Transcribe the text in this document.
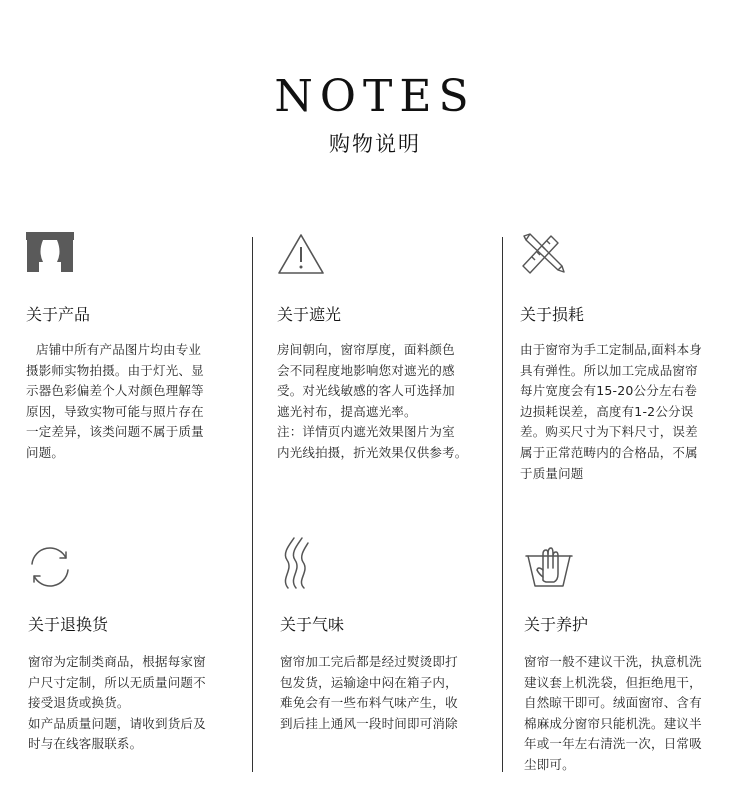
NOTES
购物说明
关于产品
店铺中所有产品图片均由专业
摄影师实物拍摄。由于灯光、显
示器色彩偏差个人对颜色理解等
原因，导致实物可能与照片存在
一定差异，该类问题不属于质量
问题。
关于遮光
房间朝向，窗帘厚度，面料颜色
会不同程度地影响您对遮光的感
受。对光线敏感的客人可选择加
遮光衬布，提高遮光率。
注：详情页内遮光效果图片为室
内光线拍摄，折光效果仅供参考。
关于损耗
由于窗帘为手工定制品,面料本身
具有弹性。所以加工完成品窗帘
每片宽度会有15-20公分左右卷
边损耗误差，高度有1-2公分误
差。购买尺寸为下料尺寸，误差
属于正常范畴内的合格品，不属
于质量问题
关于退换货
窗帘为定制类商品，根据每家窗
户尺寸定制，所以无质量问题不
接受退货或换货。
如产品质量问题，请收到货后及
时与在线客服联系。
关于气味
窗帘加工完后都是经过熨烫即打
包发货，运输途中闷在箱子内，
难免会有一些布料气味产生，收
到后挂上通风一段时间即可消除
关于养护
窗帘一般不建议干洗，执意机洗
建议套上机洗袋，但拒绝甩干，
自然晾干即可。绒面窗帘、含有
棉麻成分窗帘只能机洗。建议半
年或一年左右清洗一次，日常吸
尘即可。
